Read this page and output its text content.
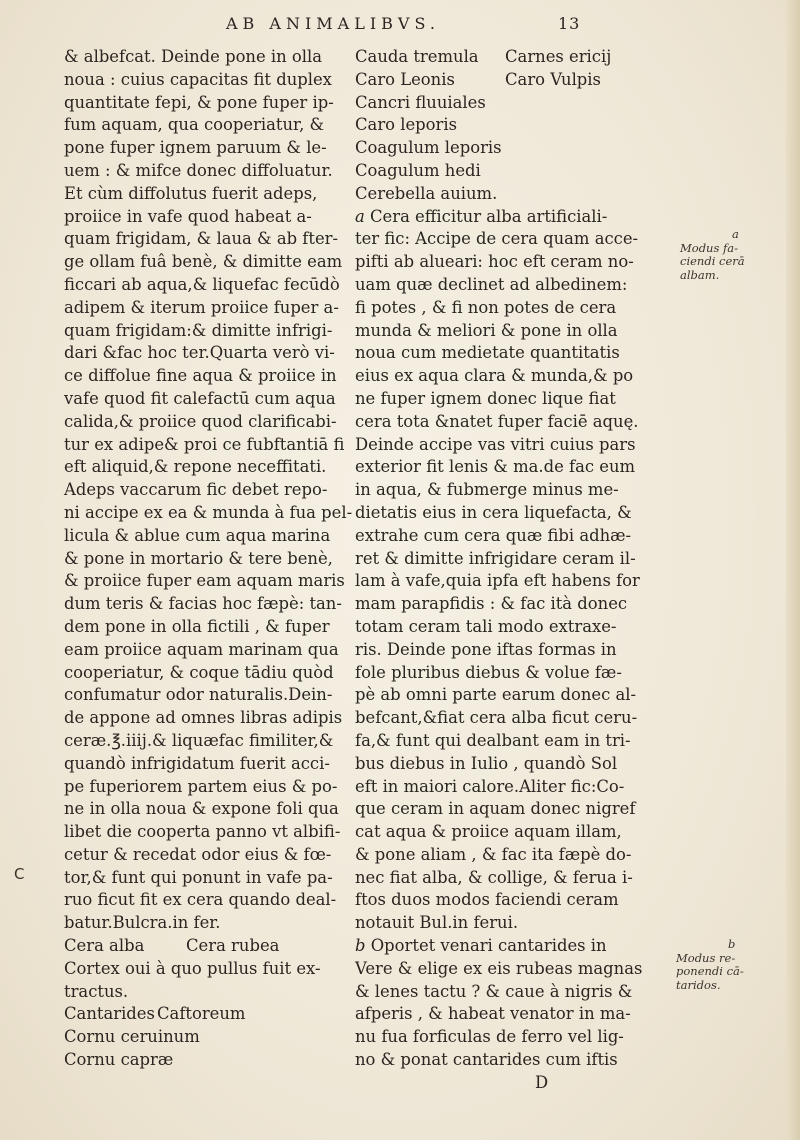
AB ANIMALIBVS.	13
& albefcat. Deinde pone in olla
noua : cuius capacitas fit duplex
quantitate fepi, & pone fuper ip-
fum aquam, qua cooperiatur, &
pone fuper ignem paruum & le-
uem : & mifce donec diffoluatur.
Et cùm diffolutus fuerit adeps,
proiice in vafe quod habeat a-
quam frigidam, & laua & ab fter-
ge ollam fuâ benè, & dimitte eam
ficcari ab aqua,& liquefac fecūdò
adipem & iterum proiice fuper a-
quam frigidam:& dimitte infrigi-
dari &fac hoc ter.Quarta verò vi-
ce diffolue fine aqua & proiice in
vafe quod fit calefactū cum aqua
calida,& proiice quod clarificabi-
tur ex adipe& proi ce fubftantiā fi
eft aliquid,& repone neceffitati.
Adeps vaccarum fic debet repo-
ni accipe ex ea & munda à fua pel-
licula & ablue cum aqua marina
& pone in mortario & tere benè,
& proiice fuper eam aquam maris
dum teris & facias hoc fæpè: tan-
dem pone in olla fictili , & fuper
eam proiice aquam marinam qua
cooperiatur, & coque tādiu quòd
confumatur odor naturalis.Dein-
de appone ad omnes libras adipis
ceræ.℥.iiij.& liquæfac fimiliter,&
quandò infrigidatum fuerit acci-
pe fuperiorem partem eius & po-
ne in olla noua & expone foli qua
libet die cooperta panno vt albifi-
cetur & recedat odor eius & fœ-
tor,& funt qui ponunt in vafe pa-
ruo ficut fit ex cera quando deal-
batur.Bulcra.in fer.
Cera alba	Cera rubea
Cortex oui à quo pullus fuit ex-
tractus.
Cantarides Caftoreum
Cornu ceruinum
Cornu capræ
Cauda tremula Carnes ericij
Caro Leonis	Caro Vulpis
Cancri fluuiales
Caro leporis
Coagulum leporis
Coagulum hedi
Cerebella auium.
a Cera efficitur alba artificiali-
ter fic: Accipe de cera quam acce-
pifti ab alueari: hoc eft ceram no-
uam quæ declinet ad albedinem:
fi potes , & fi non potes de cera
munda & meliori & pone in olla
noua cum medietate quantitatis
eius ex aqua clara & munda,& po
ne fuper ignem donec lique fiat
cera tota &natet fuper faciē aquę.
Deinde accipe vas vitri cuius pars
exterior fit lenis & ma.de fac eum
in aqua, & fubmerge minus me-
dietatis eius in cera liquefacta, &
extrahe cum cera quæ fibi adhæ-
ret & dimitte infrigidare ceram il-
lam à vafe,quia ipfa eft habens for
mam parapfidis : & fac ità donec
totam ceram tali modo extraxe-
ris. Deinde pone iftas formas in
fole pluribus diebus & volue fæ-
pè ab omni parte earum donec al-
befcant,&fiat cera alba ficut ceru-
fa,& funt qui dealbant eam in tri-
bus diebus in Iulio , quandò Sol
eft in maiori calore.Aliter fic:Co-
que ceram in aquam donec nigref
cat aqua & proiice aquam illam,
& pone aliam , & fac ita fæpè do-
nec fiat alba, & collige, & ferua i-
ftos duos modos faciendi ceram
notauit Bul.in ferui.
b Oportet venari cantarides in
Vere & elige ex eis rubeas magnas
& lenes tactu ? & caue à nigris &
afperis , & habeat venator in ma-
nu fua forficulas de ferro vel lig-
no & ponat cantarides cum iftis
D
a
Modus fa-
ciendi cerā
albam.
b
Modus re-
ponendi cā-
taridos.
C
